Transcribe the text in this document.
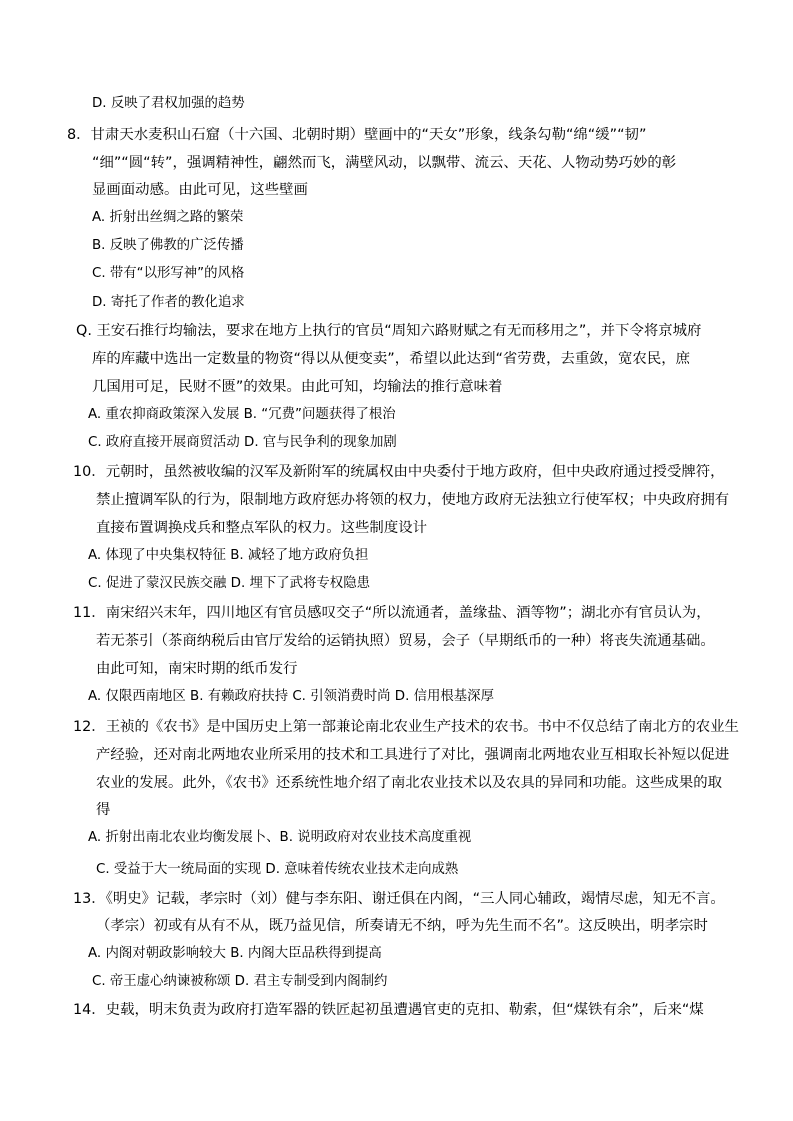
D. 反映了君权加强的趋势
8．甘肃天水麦积山石窟（十六国、北朝时期）壁画中的“天女”形象，线条勾勒“绵“缓”“韧”
“细”“圆“转”，强调精神性，翩然而飞，满壁风动，以飘带、流云、天花、人物动势巧妙的彰
显画面动感。由此可见，这些壁画
A. 折射出丝绸之路的繁荣
B. 反映了佛教的广泛传播
C. 带有“以形写神”的风格
D. 寄托了作者的教化追求
Q. 王安石推行均输法，要求在地方上执行的官员“周知六路财赋之有无而移用之”，并下令将京城府
库的库藏中选出一定数量的物资“得以从便变卖”，希望以此达到“省劳费，去重敛，宽农民，庶
几国用可足，民财不匮”的效果。由此可知，均输法的推行意味着
A. 重农抑商政策深入发展 B. “冗费”问题获得了根治
C. 政府直接开展商贸活动 D. 官与民争利的现象加剧
10．元朝时，虽然被收编的汉军及新附军的统属权由中央委付于地方政府，但中央政府通过授受牌符，
禁止擅调军队的行为，限制地方政府惩办将领的权力，使地方政府无法独立行使军权；中央政府拥有
直接布置调换戍兵和整点军队的权力。这些制度设计
A. 体现了中央集权特征 B. 减轻了地方政府负担
C. 促进了蒙汉民族交融 D. 埋下了武将专权隐患
11．南宋绍兴末年，四川地区有官员感叹交子“所以流通者，盖缘盐、酒等物”；湖北亦有官员认为，
若无茶引（茶商纳税后由官厅发给的运销执照）贸易，会子（早期纸币的一种）将丧失流通基础。
由此可知，南宋时期的纸币发行
A. 仅限西南地区 B. 有赖政府扶持 C. 引领消费时尚 D. 信用根基深厚
12．王祯的《农书》是中国历史上第一部兼论南北农业生产技术的农书。书中不仅总结了南北方的农业生
产经验，还对南北两地农业所采用的技术和工具进行了对比，强调南北两地农业互相取长补短以促进
农业的发展。此外，《农书》还系统性地介绍了南北农业技术以及农具的异同和功能。这些成果的取
得
A. 折射出南北农业均衡发展卜、B. 说明政府对农业技术高度重视
C. 受益于大一统局面的实现 D. 意味着传统农业技术走向成熟
13．《明史》记载，孝宗时（刘）健与李东阳、谢迁俱在内阁，“三人同心辅政，竭情尽虑，知无不言。
（孝宗）初或有从有不从，既乃益见信，所奏请无不纳，呼为先生而不名”。这反映出，明孝宗时
A. 内阁对朝政影响较大 B. 内阁大臣品秩得到提高
C. 帝王虚心纳谏被称颂 D. 君主专制受到内阁制约
14．史载，明末负责为政府打造军器的铁匠起初虽遭遇官吏的克扣、勒索，但“煤铁有余”，后来“煤
